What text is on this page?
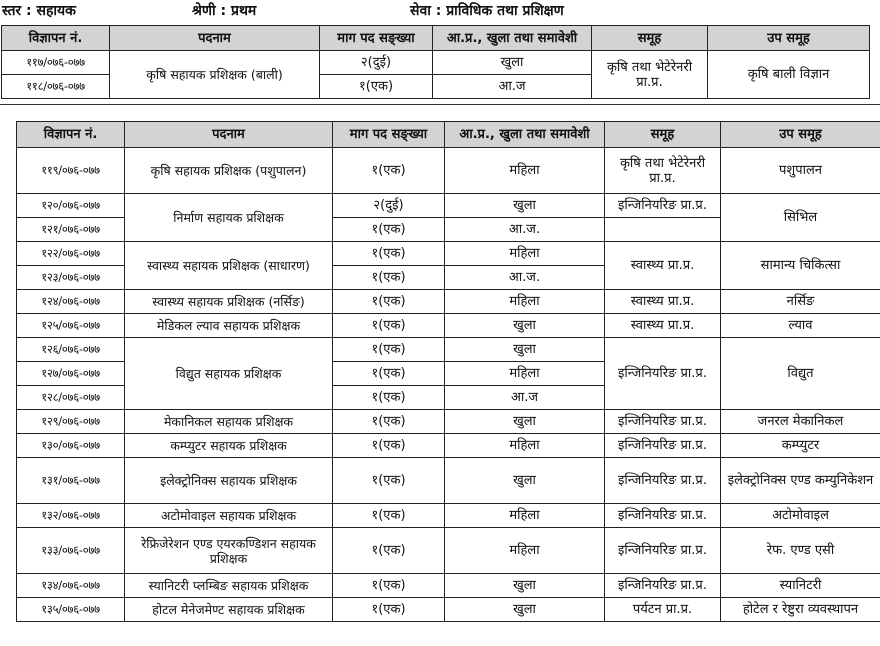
स्तर : सहायक	श्रेणी : प्रथम	सेवा : प्राविधिक तथा प्रशिक्षण
विज्ञापन नं.	पदनाम	माग पद सङ्ख्या	आ.प्र., खुला तथा समावेशी	समूह	उप समूह
११७/०७६-०७७	कृषि सहायक प्रशिक्षक (बाली)	२(दुई)	खुला	कृषि तथा भेटेरेनरी प्रा.प्र.	कृषि बाली विज्ञान
११८/०७६-०७७		१(एक)	आ.ज		
विज्ञापन नं.	पदनाम	माग पद सङ्ख्या	आ.प्र., खुला तथा समावेशी	समूह	उप समूह
११९/०७६-०७७	कृषि सहायक प्रशिक्षक (पशुपालन)	१(एक)	महिला	कृषि तथा भेटेरेनरी प्रा.प्र.	पशुपालन
१२०/०७६-०७७	निर्माण सहायक प्रशिक्षक	२(दुई)	खुला	इन्जिनियरिङ प्रा.प्र.	सिभिल
१२१/०७६-०७७		१(एक)	आ.ज.		
१२२/०७६-०७७	स्वास्थ्य सहायक प्रशिक्षक (साधारण)	१(एक)	महिला	स्वास्थ्य प्रा.प्र.	सामान्य चिकित्सा
१२३/०७६-०७७		१(एक)	आ.ज.		
१२४/०७६-०७७	स्वास्थ्य सहायक प्रशिक्षक (नर्सिङ)	१(एक)	महिला	स्वास्थ्य प्रा.प्र.	नर्सिङ
१२५/०७६-०७७	मेडिकल ल्याव सहायक प्रशिक्षक	१(एक)	खुला	स्वास्थ्य प्रा.प्र.	ल्याव
१२६/०७६-०७७	विद्युत सहायक प्रशिक्षक	१(एक)	खुला	इन्जिनियरिङ प्रा.प्र.	विद्युत
१२७/०७६-०७७		१(एक)	महिला		
१२८/०७६-०७७		१(एक)	आ.ज		
१२९/०७६-०७७	मेकानिकल सहायक प्रशिक्षक	१(एक)	खुला	इन्जिनियरिङ प्रा.प्र.	जनरल मेकानिकल
१३०/०७६-०७७	कम्प्युटर सहायक प्रशिक्षक	१(एक)	महिला	इन्जिनियरिङ प्रा.प्र.	कम्प्युटर
१३१/०७६-०७७	इलेक्ट्रोनिक्स सहायक प्रशिक्षक	१(एक)	खुला	इन्जिनियरिङ प्रा.प्र.	इलेक्ट्रोनिक्स एण्ड कम्युनिकेशन
१३२/०७६-०७७	अटोमोवाइल सहायक प्रशिक्षक	१(एक)	महिला	इन्जिनियरिङ प्रा.प्र.	अटोमोवाइल
१३३/०७६-०७७	रेफ्रिजेरेशन एण्ड एयरकण्डिशन सहायक प्रशिक्षक	१(एक)	महिला	इन्जिनियरिङ प्रा.प्र.	रेफ. एण्ड एसी
१३४/०७६-०७७	स्यानिटरी प्लम्बिङ सहायक प्रशिक्षक	१(एक)	खुला	इन्जिनियरिङ प्रा.प्र.	स्यानिटरी
१३५/०७६-०७७	होटल मेनेजमेण्ट सहायक प्रशिक्षक	१(एक)	खुला	पर्यटन प्रा.प्र.	होटेल र रेष्टुरा व्यवस्थापन
